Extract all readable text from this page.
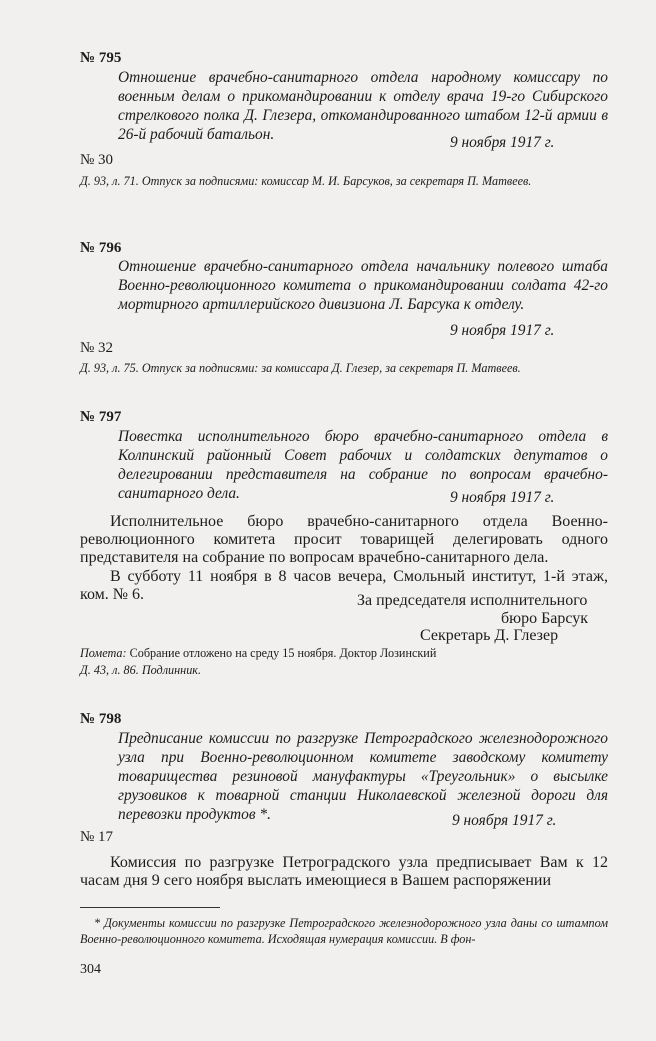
№ 795
Отношение врачебно-санитарного отдела народному комиссару по военным делам о прикомандировании к отделу врача 19-го Сибирского стрелкового полка Д. Глезера, откомандированного штабом 12-й армии в 26-й рабочий батальон.	9 ноября 1917 г.
№ 30
Д. 93, л. 71. Отпуск за подписями: комиссар М. И. Барсуков, за секретаря П. Матвеев.
№ 796
Отношение врачебно-санитарного отдела начальнику полевого штаба Военно-революционного комитета о прикомандировании солдата 42-го мортирного артиллерийского дивизиона Л. Барсука к отделу.
9 ноября 1917 г.
№ 32
Д. 93, л. 75. Отпуск за подписями: за комиссара Д. Глезер, за секретаря П. Матвеев.
№ 797
Повестка исполнительного бюро врачебно-санитарного отдела в Колпинский районный Совет рабочих и солдатских депутатов о делегировании представителя на собрание по вопросам врачебно-санитарного дела.	9 ноября 1917 г.
Исполнительное бюро врачебно-санитарного отдела Военно-революционного комитета просит товарищей делегировать одного представителя на собрание по вопросам врачебно-санитарного дела.
В субботу 11 ноября в 8 часов вечера, Смольный институт, 1-й этаж, ком. № 6.	За председателя исполнительного
бюро Барсук
Секретарь Д. Глезер
Помета: Собрание отложено на среду 15 ноября. Доктор Лозинский
Д. 43, л. 86. Подлинник.
№ 798
Предписание комиссии по разгрузке Петроградского железнодорожного узла при Военно-революционном комитете заводскому комитету товарищества резиновой мануфактуры «Треугольник» о высылке грузовиков к товарной станции Николаевской железной дороги для перевозки продуктов *.	9 ноября 1917 г.
№ 17
Комиссия по разгрузке Петроградского узла предписывает Вам к 12 часам дня 9 сего ноября выслать имеющиеся в Вашем распоряжении
* Документы комиссии по разгрузке Петроградского железнодорожного узла даны со штампом Военно-революционного комитета. Исходящая нумерация комиссии. В фон-
304
